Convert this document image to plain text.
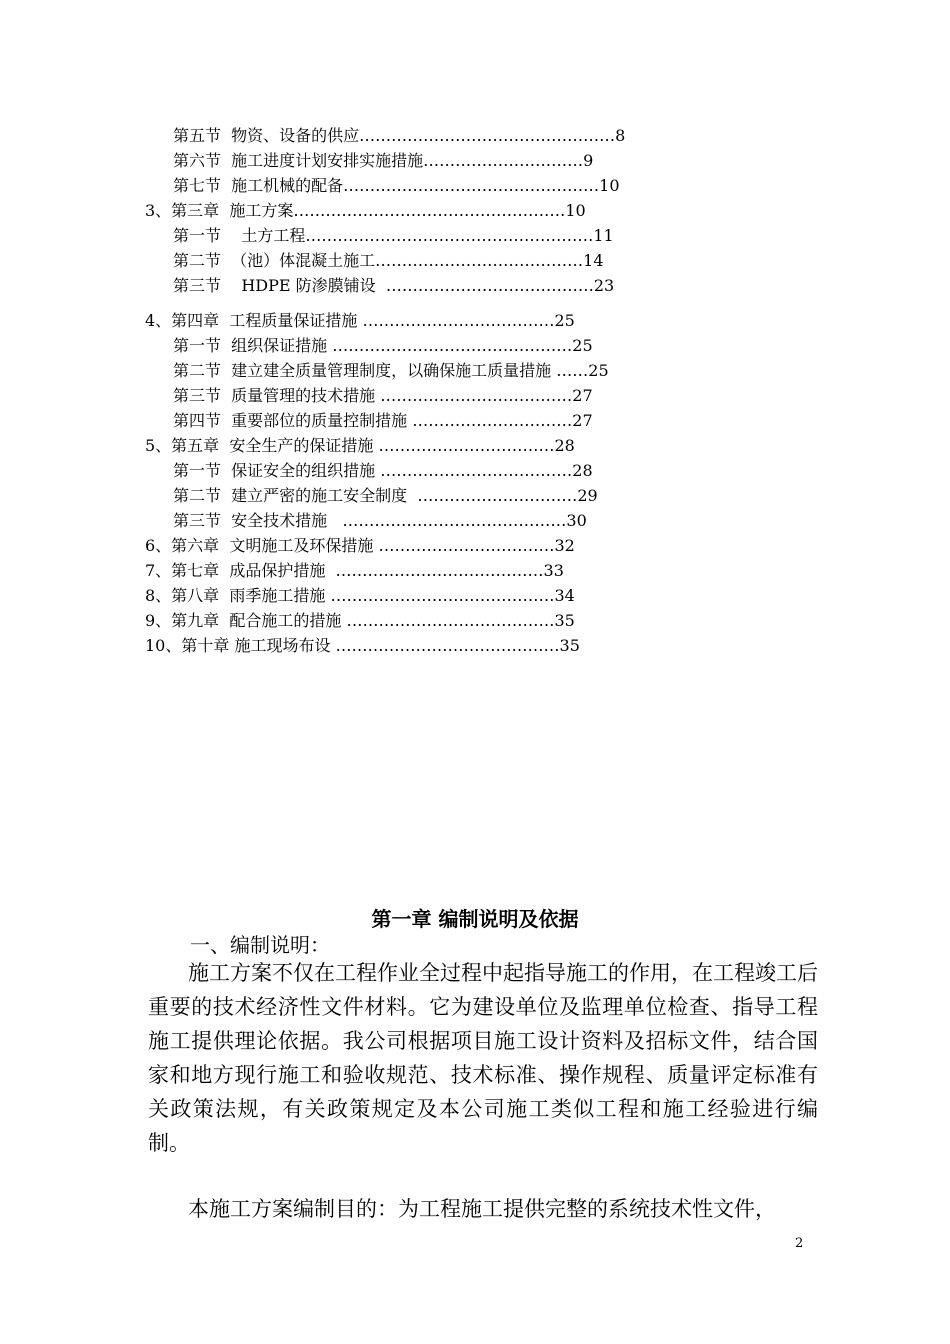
第五节  物资、设备的供应…………………………………………8
第六节  施工进度计划安排实施措施…………………………9
第七节  施工机械的配备…………………………………………10
3、第三章  施工方案……………………………………………10
第一节    土方工程………………………………………………11
第二节  （池）体混凝土施工…………………………………14
第三节    HDPE 防渗膜铺设  …………………………………23
4、第四章  工程质量保证措施 ………………………………25
第一节  组织保证措施 ………………………………………25
第二节  建立建全质量管理制度，以确保施工质量措施 ……25
第三节  质量管理的技术措施 ………………………………27
第四节  重要部位的质量控制措施 …………………………27
5、第五章  安全生产的保证措施 ……………………………28
第一节  保证安全的组织措施 ………………………………28
第二节  建立严密的施工安全制度  …………………………29
第三节  安全技术措施   ……………………………………30
6、第六章  文明施工及环保措施 ……………………………32
7、第七章  成品保护措施  …………………………………33
8、第八章  雨季施工措施 ……………………………………34
9、第九章  配合施工的措施 …………………………………35
10、第十章 施工现场布设 ……………………………………35
第一章 编制说明及依据
一、编制说明：
施工方案不仅在工程作业全过程中起指导施工的作用，在工程竣工后重要的技术经济性文件材料。它为建设单位及监理单位检查、指导工程施工提供理论依据。我公司根据项目施工设计资料及招标文件，结合国家和地方现行施工和验收规范、技术标准、操作规程、质量评定标准有关政策法规，有关政策规定及本公司施工类似工程和施工经验进行编制。
本施工方案编制目的：为工程施工提供完整的系统技术性文件，
2
